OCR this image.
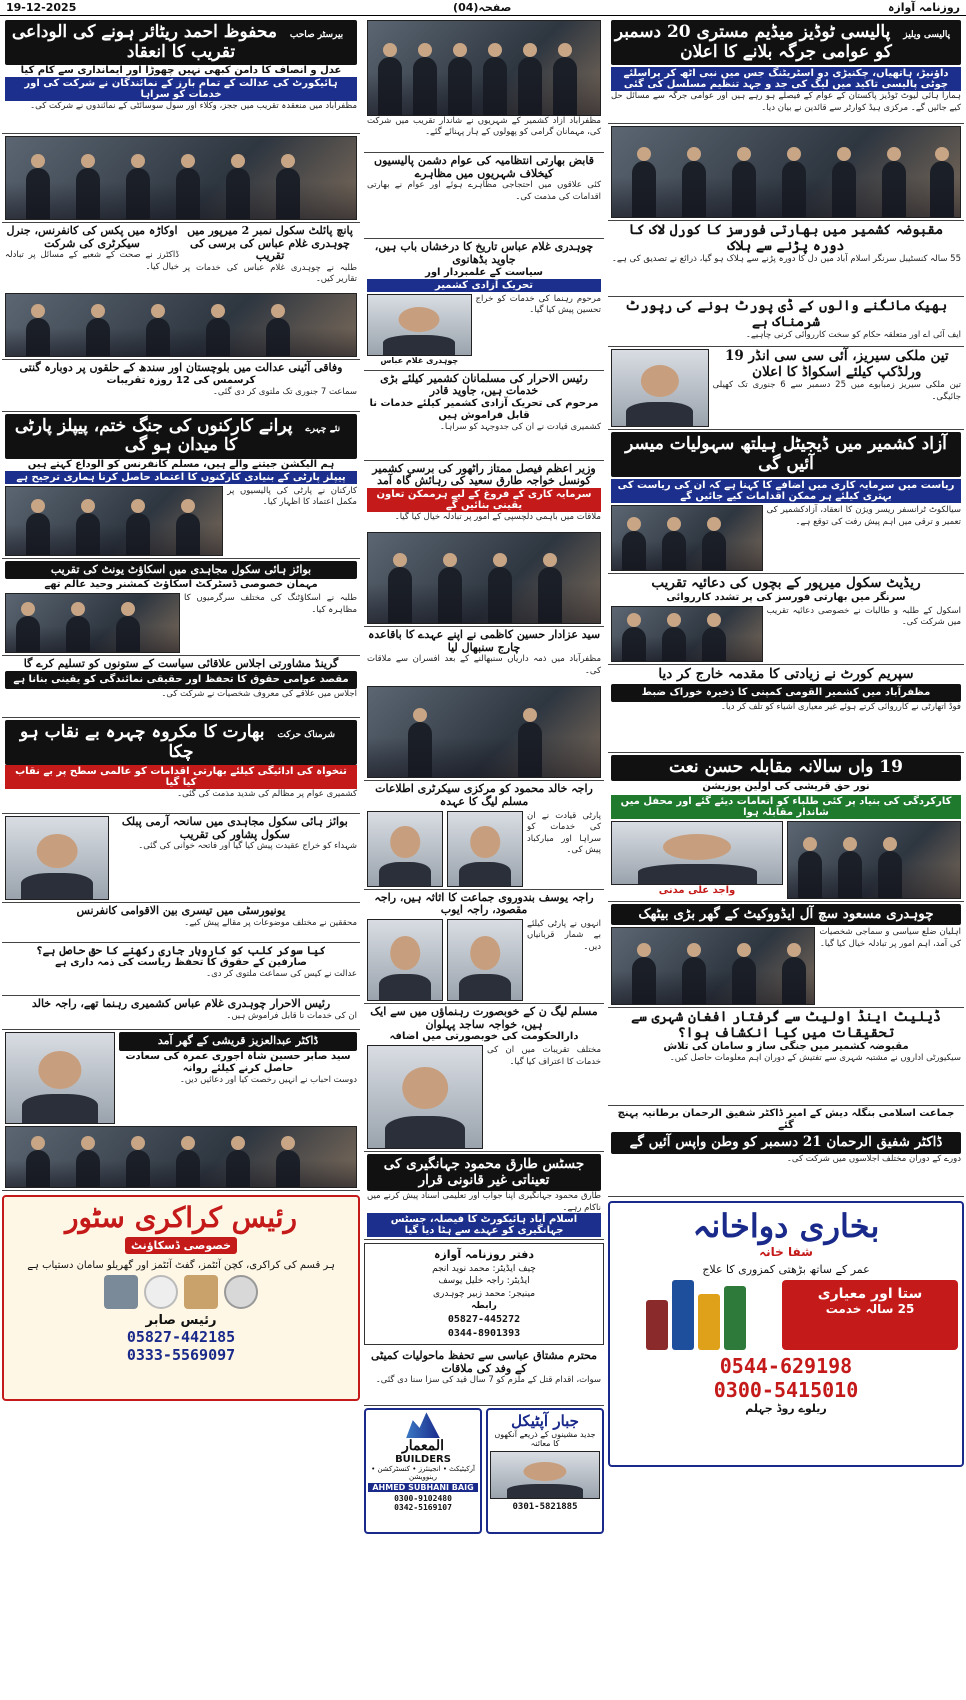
19-12-2025	صفحہ(04)	روزنامہ آوازہ
پالیسی ویلیز پالیسی ٹوڈیز میڈیم مستری 20 دسمبر کو عوامی جرگہ بلانے کا اعلان
داؤنیڑ، ہاتھیاں، چکنیڑی دو اسٹریٹنگ جس میں نبی اٹھ کر پراسلئے چوٹی پالیسی تاکید میں لیگ کی جد و جہد تنظیم مسلسل کی گئی
ہمارا ہائی لیوٹ ٹوڈیز پاکستان کے عوام کے فیصلے ہو رہے ہیں اور عوامی جرگہ سے مسائل حل کیے جائیں گے۔ مرکزی ہیڈ کوارٹر سے قائدین نے بیان دیا۔
مقبوضہ کشمیر میں بھارتی فورسز کا کورل لاک کا دورہ پڑنے سے ہلاک
55 سالہ کنسٹیبل سرنگر اسلام آباد میں دل کا دورہ پڑنے سے ہلاک ہو گیا، ذرائع نے تصدیق کی ہے۔
بھیک مانگنے والوں کے ڈی پورٹ ہونے کی رپورٹ شرمناک ہے
ایف آئی اے اور متعلقہ حکام کو سخت کارروائی کرنی چاہیے۔
تین ملکی سیریز، آئی سی سی انڈر 19 ورلڈکپ کیلئے اسکواڈ کا اعلان
تین ملکی سیریز زمبابوے میں 25 دسمبر سے 6 جنوری تک کھیلی جائیگی۔
آزاد کشمیر میں ڈیجیٹل ہیلتھ سہولیات میسر آئیں گی
ریاست میں سرمایہ کاری میں اضافے کا کہنا ہے کہ ان کی ریاست کی بہتری کیلئے ہر ممکن اقدامات کیے جائیں گے
سیالکوٹ ٹرانسفر ریسر ویژن کا انعقاد، آزادکشمیر کی تعمیر و ترقی میں اہم پیش رفت کی توقع ہے۔
ریڈیٹ سکول میرپور کے بچوں کی دعائیہ تقریب
سرنگر میں بھارتی فورسز کی پر تشدد کارروائی
اسکول کے طلبہ و طالبات نے خصوصی دعائیہ تقریب میں شرکت کی۔
سپریم کورٹ نے زیادتی کا مقدمہ خارج کر دیا
مظفرآباد میں کشمیر القومی کمپنی کا ذخیرہ خوراک ضبط
فوڈ اتھارٹی نے کارروائی کرتے ہوئے غیر معیاری اشیاء کو تلف کر دیا۔
19 واں سالانہ مقابلہ حسن نعت
نور حق قریشی کی اولین پوزیشن
کارکردگی کی بنیاد پر کئی طلباء کو انعامات دیئے گئے اور محفل میں شاندار مقابلہ ہوا
واجد علی مدنی
چوہدری مسعود سچ آل ایڈووکیٹ کے گھر بڑی بیٹھک
اہلیان ضلع سیاسی و سماجی شخصیات کی آمد، اہم امور پر تبادلہ خیال کیا گیا۔
ڈیلیٹ اینڈ اولیٹ سے گرفتار افغان شہری سے تحقیقات میں کیا انکشاف ہوا؟
مقبوضہ کشمیر میں جنگی ساز و سامان کی تلاش
سیکیورٹی اداروں نے مشتبہ شہری سے تفتیش کے دوران اہم معلومات حاصل کیں۔
جماعت اسلامی بنگلہ دیش کے امیر ڈاکٹر شفیق الرحمان برطانیہ پہنچ گئے
ڈاکٹر شفیق الرحمان 21 دسمبر کو وطن واپس آئیں گے
دورے کے دوران مختلف اجلاسوں میں شرکت کی۔
بخاری دواخانہ
شفا خانہ
عمر کے ساتھ بڑھتی کمزوری کا علاج
ستا اور معیاری
25 سالہ خدمت
0544-629198
0300-5415010
ریلوے روڈ جہلم
مظفرآباد آزاد کشمیر کے شہریوں نے شاندار تقریب میں شرکت کی، مہمانان گرامی کو پھولوں کے ہار پہنائے گئے۔
قابض بھارتی انتظامیہ کی عوام دشمن پالیسیوں کیخلاف شہریوں میں مظاہرے
کئی علاقوں میں احتجاجی مظاہرے ہوئے اور عوام نے بھارتی اقدامات کی مذمت کی۔
چوہدری غلام عباس تاریخ کا درخشاں باب ہیں، جاوید بڈھانوی
سیاست کے علمبردار اور
تحریک آزادی کشمیر
مرحوم رہنما کی خدمات کو خراج تحسین پیش کیا گیا۔
چوہدری غلام عباس
رئیس الاحرار کی مسلمانان کشمیر کیلئے بڑی خدمات ہیں، جاوید قادر
مرحوم کی تحریک آزادی کشمیر کیلئے خدمات نا قابل فراموش ہیں
کشمیری قیادت نے ان کی جدوجہد کو سراہا۔
وزیر اعظم فیصل ممتاز راٹھور کی برسی کشمیر کونسل خواجہ طارق سعید کی رہائش گاہ آمد
سرمایہ کاری کے فروغ کے لیے ہرممکن تعاون یقینی بنائیں گے
ملاقات میں باہمی دلچسپی کے امور پر تبادلہ خیال کیا گیا۔
سید عزادار حسین کاظمی نے اپنے عہدے کا باقاعدہ چارج سنبھال لیا
مظفرآباد میں ذمہ داریاں سنبھالنے کے بعد افسران سے ملاقات کی۔
راجہ خالد محمود کو مرکزی سیکرٹری اطلاعات مسلم لیگ کا عہدہ
پارٹی قیادت نے ان کی خدمات کو سراہا اور مبارکباد پیش کی۔
راجہ یوسف بندوروی جماعت کا اثاثہ ہیں، راجہ مقصود، راجہ ایوب
انہوں نے پارٹی کیلئے بے شمار قربانیاں دیں۔
مسلم لیگ ن کے خوبصورت رہنماؤں میں سے ایک ہیں، خواجہ ساجد پہلوان
دارالحکومت کی خوبصورتی میں اضافہ
مختلف تقریبات میں ان کی خدمات کا اعتراف کیا گیا۔
جسٹس طارق محمود جہانگیری کی تعیناتی غیر قانونی قرار
طارق محمود جہانگیری اپنا جواب اور تعلیمی اسناد پیش کرنے میں ناکام رہے۔
اسلام آباد ہائیکورٹ کا فیصلہ، جسٹس جہانگیری کو عہدے سے ہٹا دیا گیا
دفتر روزنامہ آوازہ
چیف ایڈیٹر: محمد نوید انجم
ایڈیٹر: راجہ خلیل یوسف
مینیجر: محمد زبیر چوہدری
رابطہ
05827-445272
0344-8901393
محترم مشتاق عباسی سے تحفظ ماحولیات کمیٹی کے وفد کی ملاقات
سوات، اقدام قتل کے ملزم کو 7 سال قید کی سزا سنا دی گئی۔
جبار آپٹیکل
جدید مشینوں کے ذریعے آنکھوں کا معائنہ
0301-5821885
المعمار
BUILDERS
آرکیٹیکٹ • انجینئرز • کنسٹرکشن • رینوویشن
AHMED SUBHANI BAIG
0300-9102480
0342-5169107
بیرسٹر صاحب محفوظ احمد ریٹائر ہونے کی الوداعی تقریب کا انعقاد
عدل و انصاف کا دامن کبھی نہیں چھوڑا اور ایمانداری سے کام کیا
ہائیکورٹ کی عدالت کے تمام بارز کے نمائندگان نے شرکت کی اور خدمات کو سراہا
مظفرآباد میں منعقدہ تقریب میں ججز، وکلاء اور سول سوسائٹی کے نمائندوں نے شرکت کی۔
پانچ پائلٹ سکول نمبر 2 میرپور میں چوہدری غلام عباس کی برسی کی تقریب
طلبہ نے چوہدری غلام عباس کی خدمات پر تقاریر کیں۔
اوکاڑہ میں پکس کی کانفرنس، جنرل سیکرٹری کی شرکت
ڈاکٹرز نے صحت کے شعبے کے مسائل پر تبادلہ خیال کیا۔
وفاقی آئینی عدالت میں بلوچستان اور سندھ کے حلقوں پر دوبارہ گنتی
کرسمس کی 12 روزہ تقریبات
سماعت 7 جنوری تک ملتوی کر دی گئی۔
نئے چہرے پرانے کارکنوں کی جنگ ختم، پیپلز پارٹی کا میدان ہو گی
ہم الیکشن جیتنے والے ہیں، مسلم کانفرنس کو الوداع کہتے ہیں
پیپلز پارٹی کے بنیادی کارکنوں کا اعتماد حاصل کرنا ہماری ترجیح ہے
کارکنان نے پارٹی کی پالیسیوں پر مکمل اعتماد کا اظہار کیا۔
بوائز ہائی سکول مجاہدی میں اسکاؤٹ یونٹ کی تقریب
مہمان خصوصی ڈسٹرکٹ اسکاؤٹ کمشنر وحید عالم تھے
طلبہ نے اسکاؤٹنگ کی مختلف سرگرمیوں کا مظاہرہ کیا۔
گرینڈ مشاورتی اجلاس علاقائی سیاست کے ستونوں کو تسلیم کرے گا
مقصد عوامی حقوق کا تحفظ اور حقیقی نمائندگی کو یقینی بنانا ہے
اجلاس میں علاقے کی معروف شخصیات نے شرکت کی۔
شرمناک حرکت بھارت کا مکروہ چہرہ بے نقاب ہو چکا
تنخواہ کی ادائیگی کیلئے بھارتی اقدامات کو عالمی سطح پر بے نقاب کیا گیا
کشمیری عوام پر مظالم کی شدید مذمت کی گئی۔
بوائز ہائی سکول مجاہدی میں سانحہ آرمی پبلک سکول پشاور کی تقریب
شہداء کو خراج عقیدت پیش کیا گیا اور فاتحہ خوانی کی گئی۔
یونیورسٹی میں تیسری بین الاقوامی کانفرنس
محققین نے مختلف موضوعات پر مقالے پیش کیے۔
کیا سوکر کلب کو کاروبار جاری رکھنے کا حق حاصل ہے؟
صارفین کے حقوق کا تحفظ ریاست کی ذمہ داری ہے
عدالت نے کیس کی سماعت ملتوی کر دی۔
رئیس الاحرار چوہدری غلام عباس کشمیری رہنما تھے، راجہ خالد
ان کی خدمات نا قابل فراموش ہیں۔
ڈاکٹر عبدالعزیز قریشی کے گھر آمد
سید صابر حسین شاہ اجوری عمرہ کی سعادت حاصل کرنے کیلئے روانہ
دوست احباب نے انہیں رخصت کیا اور دعائیں دیں۔
رئیس کراکری سٹور
خصوصی ڈسکاؤنٹ
ہر قسم کی کراکری، کچن آئٹمز، گفٹ آئٹمز اور گھریلو سامان دستیاب ہے
رئیس صابر
05827-442185
0333-5569097
